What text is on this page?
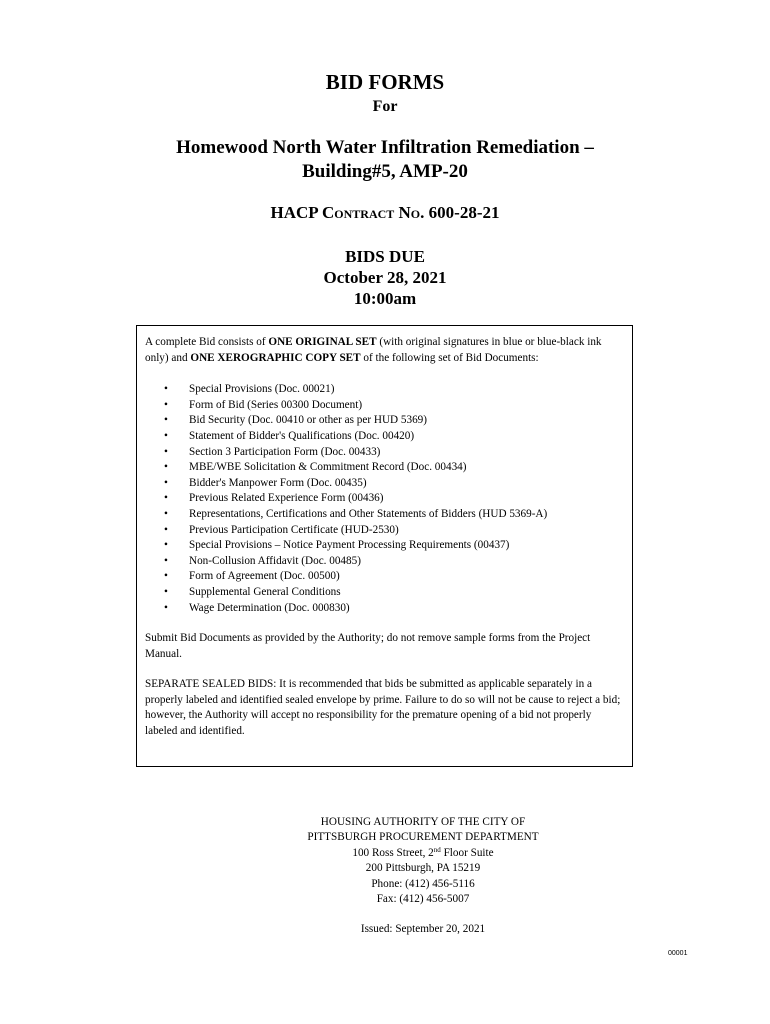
BID FORMS
For
Homewood North Water Infiltration Remediation –
Building#5, AMP-20
HACP Contract No. 600-28-21
BIDS DUE
October 28, 2021
10:00am

A complete Bid consists of ONE ORIGINAL SET (with original signatures in blue or blue-black ink only) and ONE XEROGRAPHIC COPY SET of the following set of Bid Documents:

• Special Provisions (Doc. 00021)
• Form of Bid (Series 00300 Document)
• Bid Security (Doc. 00410 or other as per HUD 5369)
• Statement of Bidder's Qualifications (Doc. 00420)
• Section 3 Participation Form (Doc. 00433)
• MBE/WBE Solicitation & Commitment Record (Doc. 00434)
• Bidder's Manpower Form (Doc. 00435)
• Previous Related Experience Form (00436)
• Representations, Certifications and Other Statements of Bidders (HUD 5369-A)
• Previous Participation Certificate (HUD-2530)
• Special Provisions – Notice Payment Processing Requirements (00437)
• Non-Collusion Affidavit (Doc. 00485)
• Form of Agreement (Doc. 00500)
• Supplemental General Conditions
• Wage Determination (Doc. 000830)

Submit Bid Documents as provided by the Authority; do not remove sample forms from the Project Manual.

SEPARATE SEALED BIDS: It is recommended that bids be submitted as applicable separately in a properly labeled and identified sealed envelope by prime. Failure to do so will not be cause to reject a bid; however, the Authority will accept no responsibility for the premature opening of a bid not properly labeled and identified.

HOUSING AUTHORITY OF THE CITY OF
PITTSBURGH PROCUREMENT DEPARTMENT
100 Ross Street, 2nd Floor Suite
200 Pittsburgh, PA 15219
Phone: (412) 456-5116
Fax: (412) 456-5007
Issued: September 20, 2021
00001
